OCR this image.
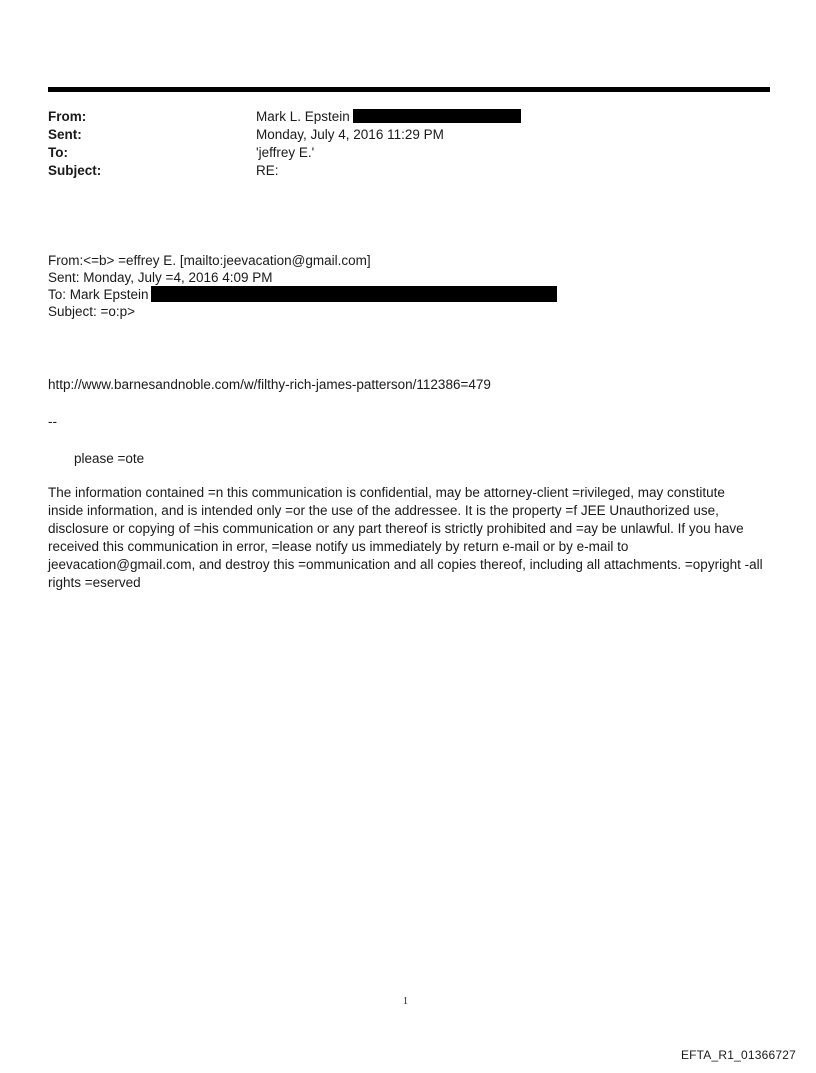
From:	Mark L. Epstein
Sent:	Monday, July 4, 2016 11:29 PM
To:	'jeffrey E.'
Subject:	RE:
From:<=b> =effrey E. [mailto:jeevacation@gmail.com]
Sent: Monday, July =4, 2016 4:09 PM
To: Mark Epstein
Subject: =o:p>
http://www.barnesandnoble.com/w/filthy-rich-james-patterson/112386=479
--
please =ote
The information contained =n this communication is confidential, may be attorney-client =rivileged, may constitute
inside information, and is intended only =or the use of the addressee. It is the property =f JEE Unauthorized use,
disclosure or copying of =his communication or any part thereof is strictly prohibited and =ay be unlawful. If you have
received this communication in error, =lease notify us immediately by return e-mail or by e-mail to
jeevacation@gmail.com, and destroy this =ommunication and all copies thereof, including all attachments. =opyright -all
rights =eserved
1
EFTA_R1_01366727
